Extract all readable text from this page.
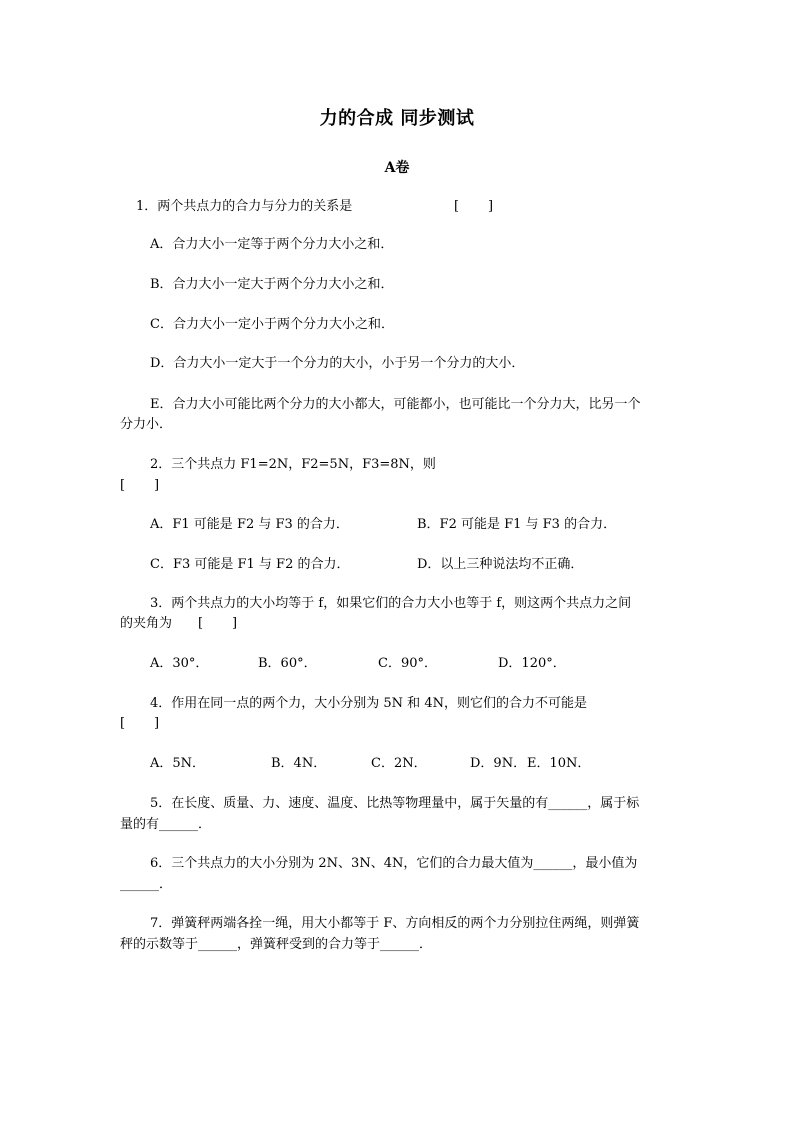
力的合成 同步测试
A卷
1．两个共点力的合力与分力的关系是	[       ]
A．合力大小一定等于两个分力大小之和．
B．合力大小一定大于两个分力大小之和．
C．合力大小一定小于两个分力大小之和．
D．合力大小一定大于一个分力的大小，小于另一个分力的大小．
E．合力大小可能比两个分力的大小都大，可能都小，也可能比一个分力大，比另一个
分力小．
2．三个共点力 F1=2N，F2=5N，F3=8N，则
[       ]
A．F1 可能是 F2 与 F3 的合力．	B．F2 可能是 F1 与 F3 的合力．
C．F3 可能是 F1 与 F2 的合力．	D．以上三种说法均不正确．
3．两个共点力的大小均等于 f，如果它们的合力大小也等于 f，则这两个共点力之间
的夹角为 [       ]
A．30°．	B．60°．	C．90°．	D．120°．
4．作用在同一点的两个力，大小分别为 5N 和 4N，则它们的合力不可能是
[       ]
A．5N．	B．4N．	C．2N．	D．9N． E．10N．
5．在长度、质量、力、速度、温度、比热等物理量中，属于矢量的有______，属于标
量的有______．
6．三个共点力的大小分别为 2N、3N、4N，它们的合力最大值为______，最小值为
______．
7．弹簧秤两端各拴一绳，用大小都等于 F、方向相反的两个力分别拉住两绳，则弹簧
秤的示数等于______，弹簧秤受到的合力等于______．
